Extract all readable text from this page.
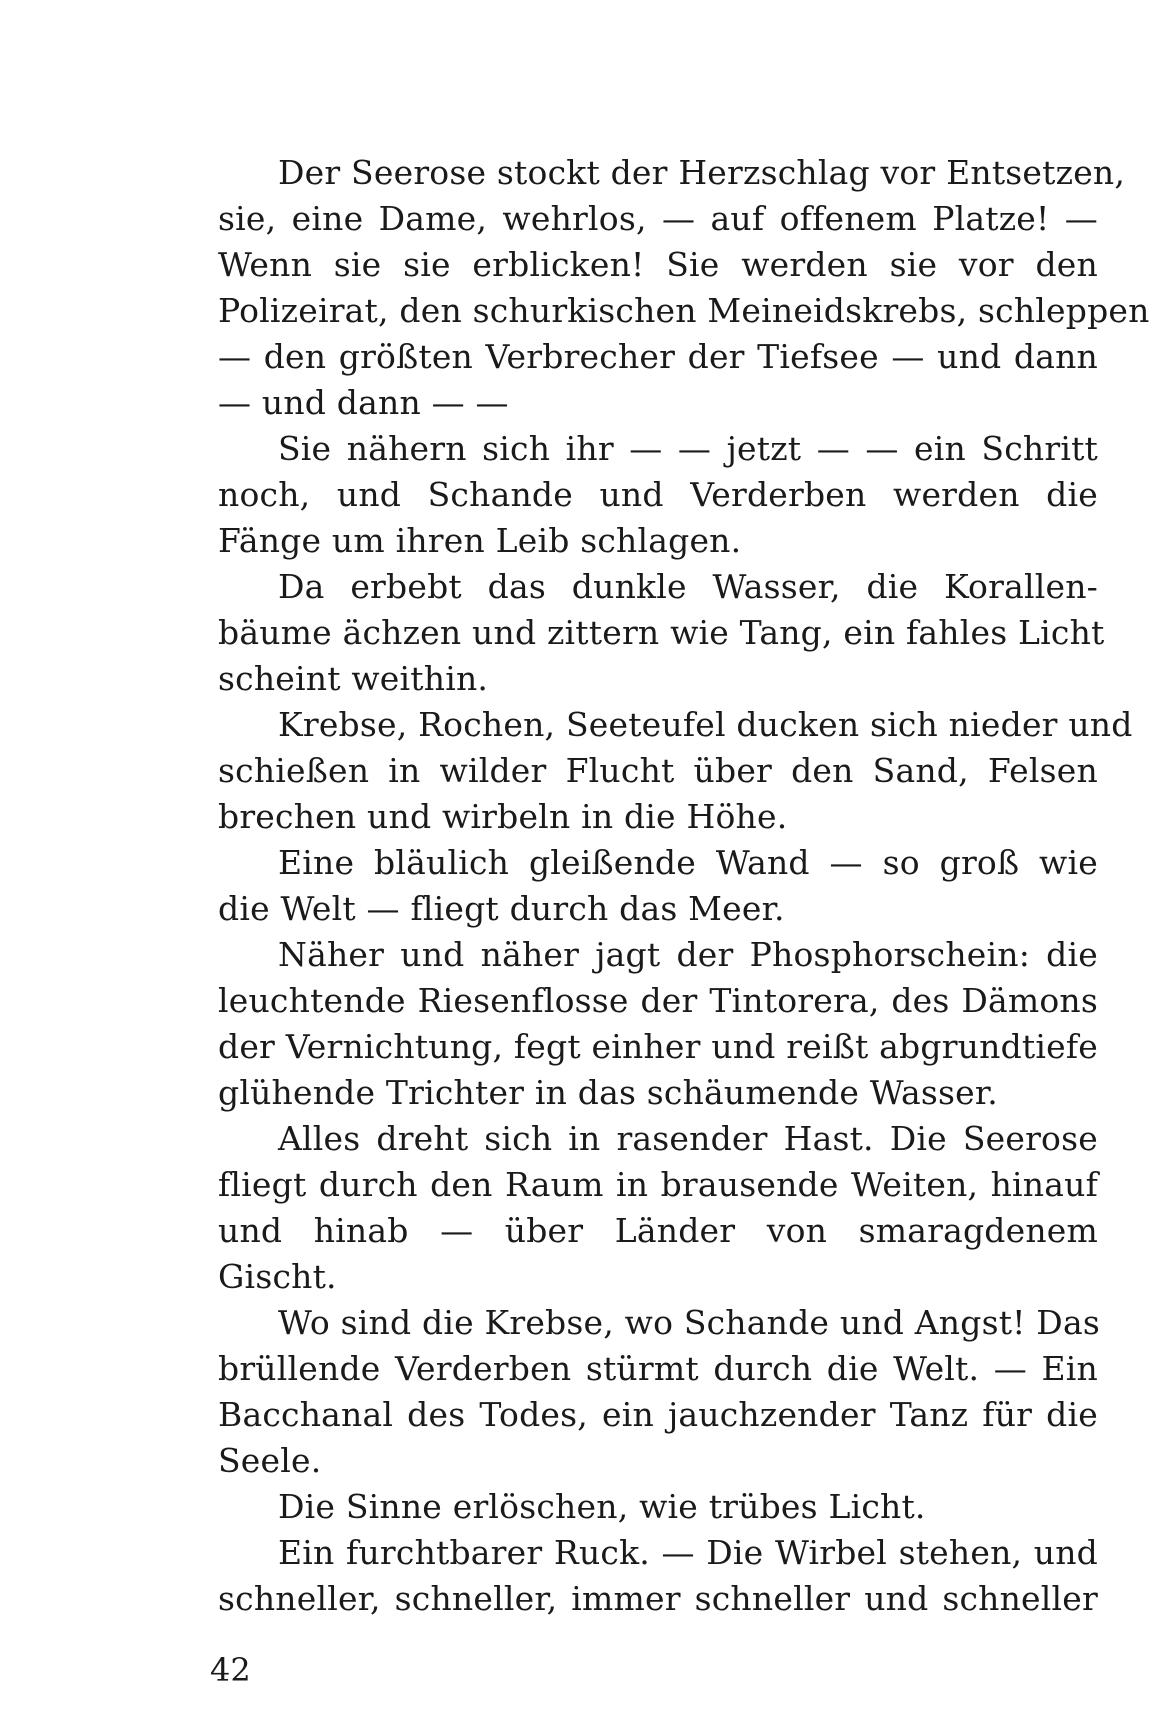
Der Seerose stockt der Herzschlag vor Entsetzen,
sie, eine Dame, wehrlos, — auf offenem Platze! —
Wenn sie sie erblicken! Sie werden sie vor den
Polizeirat, den schurkischen Meineidskrebs, schleppen
— den größten Verbrecher der Tiefsee — und dann
— und dann — —
Sie nähern sich ihr — — jetzt — — ein Schritt
noch, und Schande und Verderben werden die
Fänge um ihren Leib schlagen.
Da erbebt das dunkle Wasser, die Korallen-
bäume ächzen und zittern wie Tang, ein fahles Licht
scheint weithin.
Krebse, Rochen, Seeteufel ducken sich nieder und
schießen in wilder Flucht über den Sand, Felsen
brechen und wirbeln in die Höhe.
Eine bläulich gleißende Wand — so groß wie
die Welt — fliegt durch das Meer.
Näher und näher jagt der Phosphorschein: die
leuchtende Riesenflosse der Tintorera, des Dämons
der Vernichtung, fegt einher und reißt abgrundtiefe
glühende Trichter in das schäumende Wasser.
Alles dreht sich in rasender Hast. Die Seerose
fliegt durch den Raum in brausende Weiten, hinauf
und hinab — über Länder von smaragdenem
Gischt.
Wo sind die Krebse, wo Schande und Angst! Das
brüllende Verderben stürmt durch die Welt. — Ein
Bacchanal des Todes, ein jauchzender Tanz für die
Seele.
Die Sinne erlöschen, wie trübes Licht.
Ein furchtbarer Ruck. — Die Wirbel stehen, und
schneller, schneller, immer schneller und schneller
42
